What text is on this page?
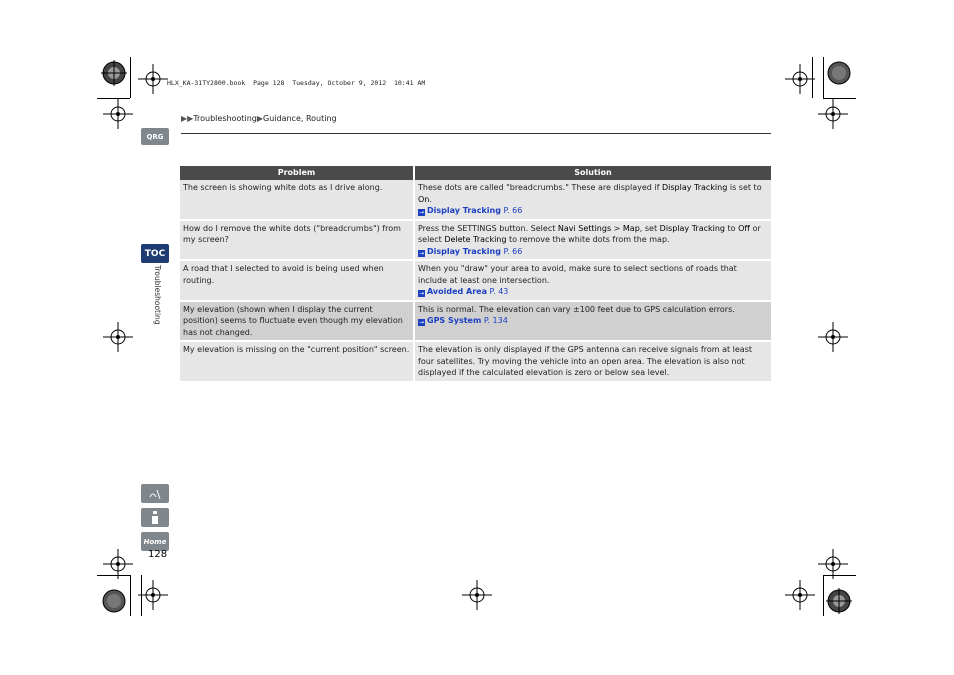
HLX_KA-31TY2800.book  Page 128  Tuesday, October 9, 2012  10:41 AM
▶▶ Troubleshooting ▶ Guidance, Routing
QRG
TOC
Troubleshooting
Home
128
Problem	Solution
The screen is showing white dots as I drive along.	These dots are called "breadcrumbs." These are displayed if Display Tracking is set to On.
→ Display Tracking P. 66

How do I remove the white dots ("breadcrumbs") from my screen?	Press the SETTINGS button. Select Navi Settings > Map, set Display Tracking to Off or select Delete Tracking to remove the white dots from the map.
→ Display Tracking P. 66

A road that I selected to avoid is being used when routing.	When you "draw" your area to avoid, make sure to select sections of roads that include at least one intersection.
→ Avoided Area P. 43

My elevation (shown when I display the current position) seems to fluctuate even though my elevation has not changed.	This is normal. The elevation can vary ±100 feet due to GPS calculation errors.
→ GPS System P. 134

My elevation is missing on the "current position" screen.	The elevation is only displayed if the GPS antenna can receive signals from at least four satellites. Try moving the vehicle into an open area. The elevation is also not displayed if the calculated elevation is zero or below sea level.
